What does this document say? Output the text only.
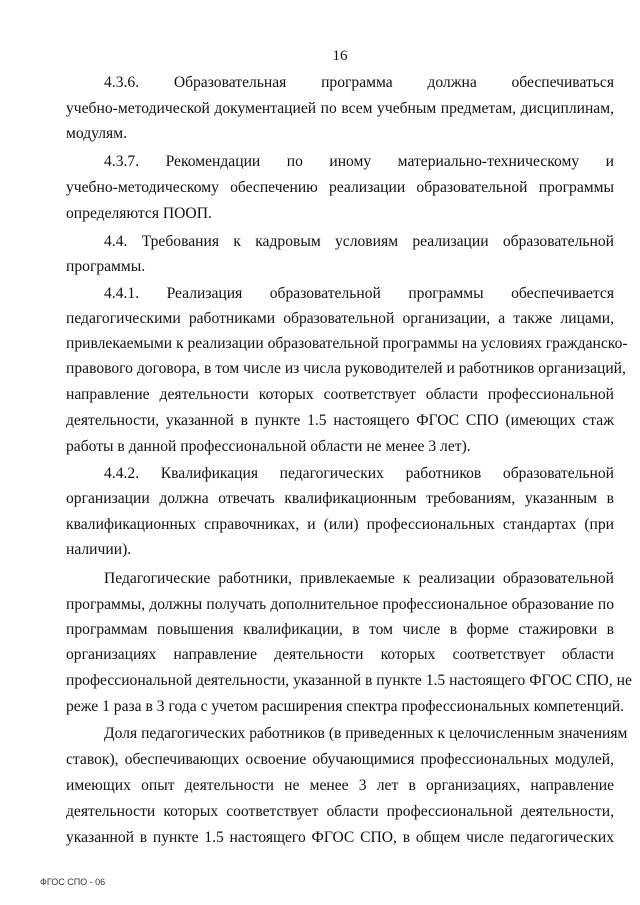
16
4.3.6. Образовательная программа должна обеспечиваться
учебно-методической документацией по всем учебным предметам, дисциплинам,
модулям.
4.3.7. Рекомендации по иному материально-техническому и
учебно-методическому обеспечению реализации образовательной программы
определяются ПООП.
4.4. Требования к кадровым условиям реализации образовательной
программы.
4.4.1. Реализация образовательной программы обеспечивается
педагогическими работниками образовательной организации, а также лицами,
привлекаемыми к реализации образовательной программы на условиях гражданско-
правового договора, в том числе из числа руководителей и работников организаций,
направление деятельности которых соответствует области профессиональной
деятельности, указанной в пункте 1.5 настоящего ФГОС СПО (имеющих стаж
работы в данной профессиональной области не менее 3 лет).
4.4.2. Квалификация педагогических работников образовательной
организации должна отвечать квалификационным требованиям, указанным в
квалификационных справочниках, и (или) профессиональных стандартах (при
наличии).
Педагогические работники, привлекаемые к реализации образовательной
программы, должны получать дополнительное профессиональное образование по
программам повышения квалификации, в том числе в форме стажировки в
организациях направление деятельности которых соответствует области
профессиональной деятельности, указанной в пункте 1.5 настоящего ФГОС СПО, не
реже 1 раза в 3 года с учетом расширения спектра профессиональных компетенций.
Доля педагогических работников (в приведенных к целочисленным значениям
ставок), обеспечивающих освоение обучающимися профессиональных модулей,
имеющих опыт деятельности не менее 3 лет в организациях, направление
деятельности которых соответствует области профессиональной деятельности,
указанной в пункте 1.5 настоящего ФГОС СПО, в общем числе педагогических
ФГОС СПО - 06
